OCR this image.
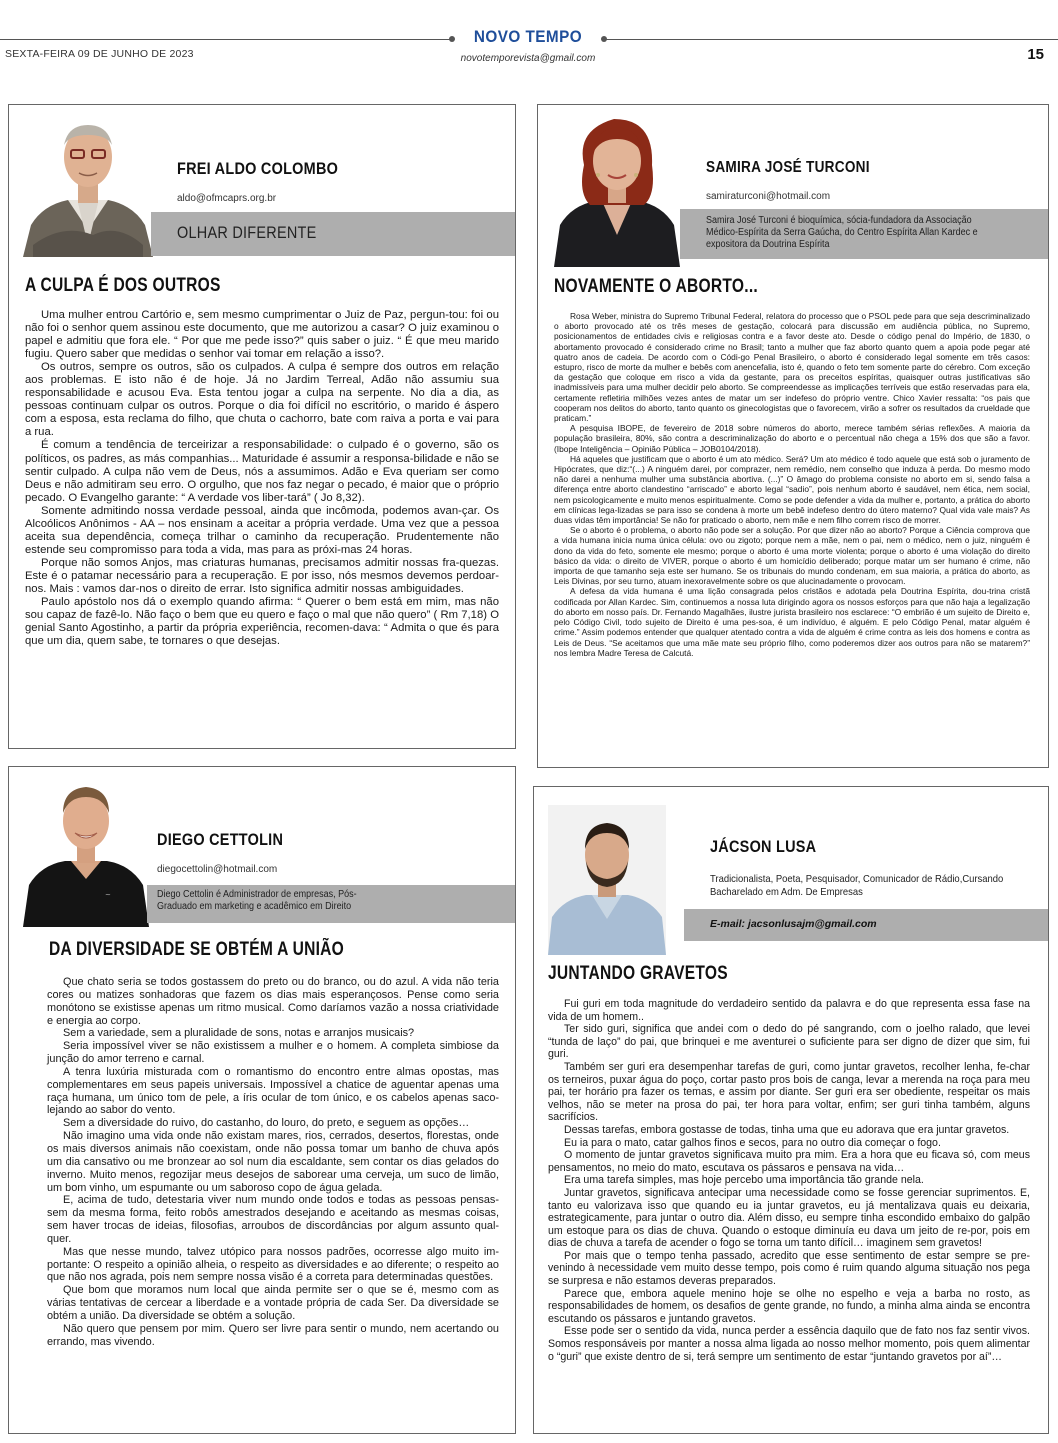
SEXTA-FEIRA 09 DE JUNHO DE 2023
NOVO TEMPO
novotemporevista@gmail.com	15
FREI ALDO COLOMBO
aldo@ofmcaprs.org.br
OLHAR DIFERENTE
A CULPA É DOS OUTROS

Uma mulher entrou Cartório e, sem mesmo cumprimentar o Juiz de Paz, pergun-tou: foi ou não foi o senhor quem assinou este documento, que me autorizou a casar? O juiz examinou o papel e admitiu que fora ele. “ Por que me pede isso?” quis saber o juiz. “ É que meu marido fugiu. Quero saber que medidas o senhor vai tomar em relação a isso?.

Os outros, sempre os outros, são os culpados. A culpa é sempre dos outros em relação aos problemas. E isto não é de hoje. Já no Jardim Terreal, Adão não assumiu sua responsabilidade e acusou Eva. Esta tentou jogar a culpa na serpente. No dia a dia, as pessoas continuam culpar os outros. Porque o dia foi difícil no escritório, o marido é áspero com a esposa, esta reclama do filho, que chuta o cachorro, bate com raiva a porta e vai para a rua.

É comum a tendência de terceirizar a responsabilidade: o culpado é o governo, são os políticos, os padres, as más companhias... Maturidade é assumir a responsa-bilidade e não se sentir culpado. A culpa não vem de Deus, nós a assumimos. Adão e Eva queriam ser como Deus e não admitiram seu erro. O orgulho, que nos faz negar o pecado, é maior que o próprio pecado. O Evangelho garante: “ A verdade vos liber-tará” ( Jo 8,32).

Somente admitindo nossa verdade pessoal, ainda que incômoda, podemos avan-çar. Os Alcoólicos Anônimos - AA – nos ensinam a aceitar a própria verdade. Uma vez que a pessoa aceita sua dependência, começa trilhar o caminho da recuperação. Prudentemente não estende seu compromisso para toda a vida, mas para as próxi-mas 24 horas.

Porque não somos Anjos, mas criaturas humanas, precisamos admitir nossas fra-quezas. Este é o patamar necessário para a recuperação. E por isso, nós mesmos devemos perdoar-nos. Mais : vamos dar-nos o direito de errar. Isto significa admitir nossas ambiguidades.

Paulo apóstolo nos dá o exemplo quando afirma: “ Querer o bem está em mim, mas não sou capaz de fazê-lo. Não faço o bem que eu quero e faço o mal que não quero” ( Rm 7,18) O genial Santo Agostinho, a partir da própria experiência, recomen-dava: “ Admita o que és para que um dia, quem sabe, te tornares o que desejas.

SAMIRA JOSÉ TURCONI
samiraturconi@hotmail.com
Samira José Turconi é bioquímica, sócia-fundadora da Associação Médico-Espírita da Serra Gaúcha, do Centro Espírita Allan Kardec e expositora da Doutrina Espírita
NOVAMENTE O ABORTO...

Rosa Weber, ministra do Supremo Tribunal Federal, relatora do processo que o PSOL pede para que seja descriminalizado o aborto provocado até os três meses de gestação, colocará para discussão em audiência pública, no Supremo, posicionamentos de entidades civis e religiosas contra e a favor deste ato. Desde o código penal do Império, de 1830, o abortamento provocado é considerado crime no Brasil; tanto a mulher que faz aborto quanto quem a apoia pode pegar até quatro anos de cadeia. De acordo com o Códi-go Penal Brasileiro, o aborto é considerado legal somente em três casos: estupro, risco de morte da mulher e bebês com anencefalia, isto é, quando o feto tem somente parte do cérebro. Com exceção da gestação que coloque em risco a vida da gestante, para os preceitos espíritas, quaisquer outras justificativas são inadmissíveis para uma mulher decidir pelo aborto. Se compreendesse as implicações terríveis que estão reservadas para ela, certamente refletiria milhões vezes antes de matar um ser indefeso do próprio ventre. Chico Xavier ressalta: “os pais que cooperam nos delitos do aborto, tanto quanto os ginecologistas que o favorecem, virão a sofrer os resultados da crueldade que praticam.”

A pesquisa IBOPE, de fevereiro de 2018 sobre números do aborto, merece também sérias reflexões. A maioria da população brasileira, 80%, são contra a descriminalização do aborto e o percentual não chega a 15% dos que são a favor. (Ibope Inteligência – Opinião Pública – JOB0104/2018).

Há aqueles que justificam que o aborto é um ato médico. Será? Um ato médico é todo aquele que está sob o juramento de Hipócrates, que diz:“(...) A ninguém darei, por comprazer, nem remédio, nem conselho que induza à perda. Do mesmo modo não darei a nenhuma mulher uma substância abortiva. (...)” O âmago do problema consiste no aborto em si, sendo falsa a diferença entre aborto clandestino “arriscado” e aborto legal “sadio”, pois nenhum aborto é saudável, nem ética, nem social, nem psicologicamente e muito menos espiritualmente. Como se pode defender a vida da mulher e, portanto, a prática do aborto em clínicas lega-lizadas se para isso se condena à morte um bebê indefeso dentro do útero materno? Qual vida vale mais? As duas vidas têm importância! Se não for praticado o aborto, nem mãe e nem filho correm risco de morrer.

Se o aborto é o problema, o aborto não pode ser a solução. Por que dizer não ao aborto? Porque a Ciência comprova que a vida humana inicia numa única célula: ovo ou zigoto; porque nem a mãe, nem o pai, nem o médico, nem o juiz, ninguém é dono da vida do feto, somente ele mesmo; porque o aborto é uma morte violenta; porque o aborto é uma violação do direito básico da vida: o direito de VIVER, porque o aborto é um homicídio deliberado; porque matar um ser humano é crime, não importa de que tamanho seja este ser humano. Se os tribunais do mundo condenam, em sua maioria, a prática do aborto, as Leis Divinas, por seu turno, atuam inexoravelmente sobre os que alucinadamente o provocam.

A defesa da vida humana é uma lição consagrada pelos cristãos e adotada pela Doutrina Espírita, dou-trina cristã codificada por Allan Kardec. Sim, continuemos a nossa luta dirigindo agora os nossos esforços para que não haja a legalização do aborto em nosso país. Dr. Fernando Magalhães, ilustre jurista brasileiro nos esclarece: “O embrião é um sujeito de Direito e, pelo Código Civil, todo sujeito de Direito é uma pes-soa, é um indivíduo, é alguém. E pelo Código Penal, matar alguém é crime.” Assim podemos entender que qualquer atentado contra a vida de alguém é crime contra as leis dos homens e contra as Leis de Deus. “Se aceitamos que uma mãe mate seu próprio filho, como poderemos dizer aos outros para não se matarem?” nos lembra Madre Teresa de Calcutá.

~
DIEGO CETTOLIN
diegocettolin@hotmail.com
Diego Cettolin é Administrador de empresas, Pós-Graduado em marketing e acadêmico em Direito
DA DIVERSIDADE SE OBTÉM A UNIÃO

Que chato seria se todos gostassem do preto ou do branco, ou do azul. A vida não teria cores ou matizes sonhadoras que fazem os dias mais esperançosos. Pense como seria monótono se existisse apenas um ritmo musical. Como daríamos vazão a nossa criatividade e energia ao corpo.

Sem a variedade, sem a pluralidade de sons, notas e arranjos musicais?

Seria impossível viver se não existissem a mulher e o homem. A completa simbiose da junção do amor terreno e carnal.

A tenra luxúria misturada com o romantismo do encontro entre almas opostas, mas complementares em seus papeis universais. Impossível a chatice de aguentar apenas uma raça humana, um único tom de pele, a íris ocular de tom único, e os cabelos apenas saco-lejando ao sabor do vento.

Sem a diversidade do ruivo, do castanho, do louro, do preto, e seguem as opções…

Não imagino uma vida onde não existam mares, rios, cerrados, desertos, florestas, onde os mais diversos animais não coexistam, onde não possa tomar um banho de chuva após um dia cansativo ou me bronzear ao sol num dia escaldante, sem contar os dias gelados do inverno. Muito menos, regozijar meus desejos de saborear uma cerveja, um suco de limão, um bom vinho, um espumante ou um saboroso copo de água gelada.

E, acima de tudo, detestaria viver num mundo onde todos e todas as pessoas pensas-sem da mesma forma, feito robôs amestrados desejando e aceitando as mesmas coisas, sem haver trocas de ideias, filosofias, arroubos de discordâncias por algum assunto qual-quer.

Mas que nesse mundo, talvez utópico para nossos padrões, ocorresse algo muito im-portante: O respeito a opinião alheia, o respeito as diversidades e ao diferente; o respeito ao que não nos agrada, pois nem sempre nossa visão é a correta para determinadas questões.

Que bom que moramos num local que ainda permite ser o que se é, mesmo com as várias tentativas de cercear a liberdade e a vontade própria de cada Ser. Da diversidade se obtém a união. Da diversidade se obtém a solução.

Não quero que pensem por mim. Quero ser livre para sentir o mundo, nem acertando ou errando, mas vivendo.

JÁCSON LUSA
Tradicionalista, Poeta, Pesquisador, Comunicador de Rádio,Cursando Bacharelado em Adm. De Empresas
E-mail: jacsonlusajm@gmail.com
JUNTANDO GRAVETOS

Fui guri em toda magnitude do verdadeiro sentido da palavra e do que representa essa fase na vida de um homem..

Ter sido guri, significa que andei com o dedo do pé sangrando, com o joelho ralado, que levei “tunda de laço” do pai, que brinquei e me aventurei o suficiente para ser digno de dizer que sim, fui guri.

Também ser guri era desempenhar tarefas de guri, como juntar gravetos, recolher lenha, fe-char os terneiros, puxar água do poço, cortar pasto pros bois de canga, levar a merenda na roça para meu pai, ter horário pra fazer os temas, e assim por diante. Ser guri era ser obediente, respeitar os mais velhos, não se meter na prosa do pai, ter hora para voltar, enfim; ser guri tinha também, alguns sacrifícios.

Dessas tarefas, embora gostasse de todas, tinha uma que eu adorava que era juntar gravetos.

Eu ia para o mato, catar galhos finos e secos, para no outro dia começar o fogo.

O momento de juntar gravetos significava muito pra mim. Era a hora que eu ficava só, com meus pensamentos, no meio do mato, escutava os pássaros e pensava na vida…

Era uma tarefa simples, mas hoje percebo uma importância tão grande nela.

Juntar gravetos, significava antecipar uma necessidade como se fosse gerenciar suprimentos. E, tanto eu valorizava isso que quando eu ia juntar gravetos, eu já mentalizava quais eu deixaria, estrategicamente, para juntar o outro dia. Além disso, eu sempre tinha escondido embaixo do galpão um estoque para os dias de chuva. Quando o estoque diminuía eu dava um jeito de re-por, pois em dias de chuva a tarefa de acender o fogo se torna um tanto difícil… imaginem sem gravetos!

Por mais que o tempo tenha passado, acredito que esse sentimento de estar sempre se pre-venindo à necessidade vem muito desse tempo, pois como é ruim quando alguma situação nos pega se surpresa e não estamos deveras preparados.

Parece que, embora aquele menino hoje se olhe no espelho e veja a barba no rosto, as responsabilidades de homem, os desafios de gente grande, no fundo, a minha alma ainda se encontra escutando os pássaros e juntando gravetos.

Esse pode ser o sentido da vida, nunca perder a essência daquilo que de fato nos faz sentir vivos. Somos responsáveis por manter a nossa alma ligada ao nosso melhor momento, pois quem alimentar o “guri” que existe dentro de si, terá sempre um sentimento de estar “juntando gravetos por aí”…
